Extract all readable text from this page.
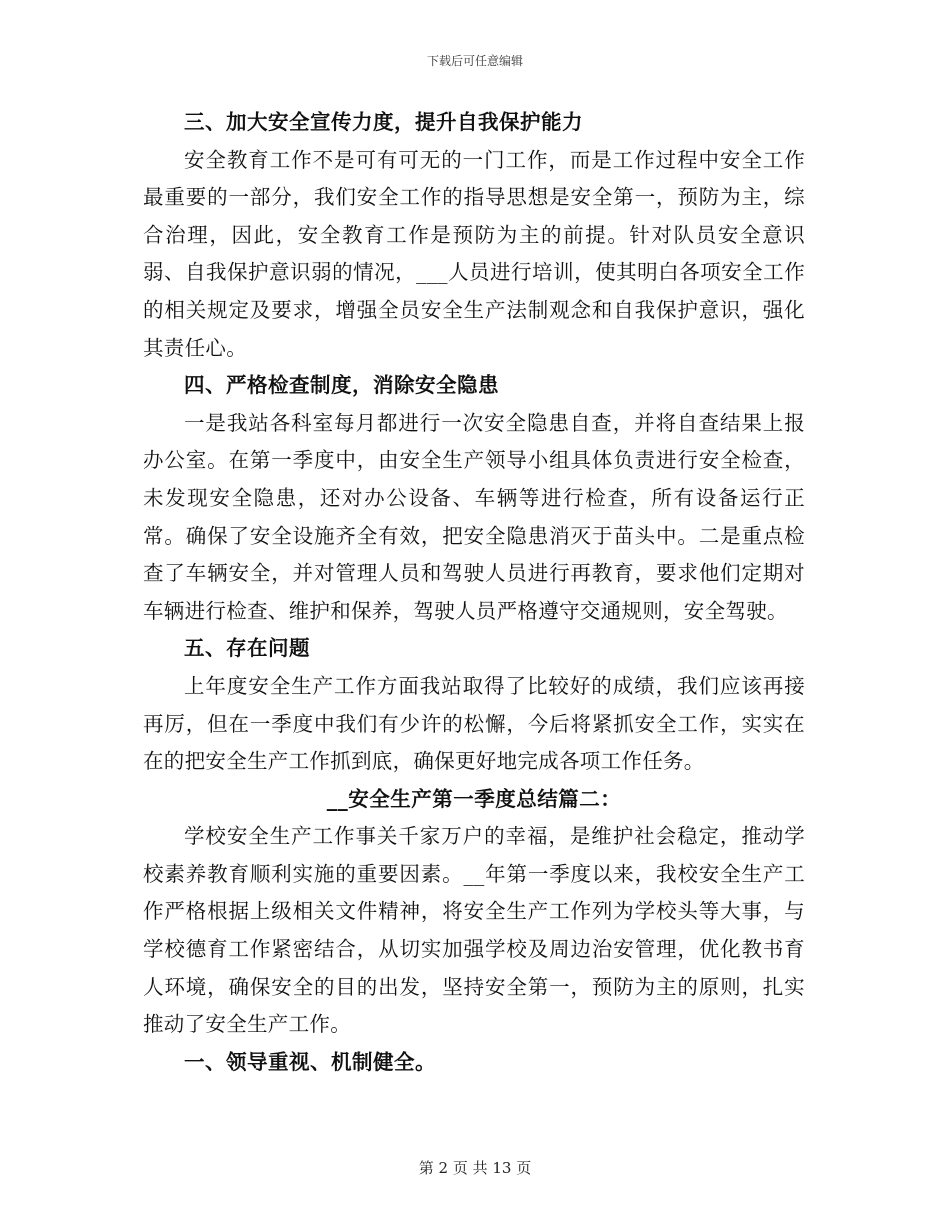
下载后可任意编辑
三、加大安全宣传力度，提升自我保护能力

安全教育工作不是可有可无的一门工作，而是工作过程中安全工作最重要的一部分，我们安全工作的指导思想是安全第一，预防为主，综合治理，因此，安全教育工作是预防为主的前提。针对队员安全意识弱、自我保护意识弱的情况，___人员进行培训，使其明白各项安全工作的相关规定及要求，增强全员安全生产法制观念和自我保护意识，强化其责任心。

四、严格检查制度，消除安全隐患

一是我站各科室每月都进行一次安全隐患自查，并将自查结果上报办公室。在第一季度中，由安全生产领导小组具体负责进行安全检查，未发现安全隐患，还对办公设备、车辆等进行检查，所有设备运行正常。确保了安全设施齐全有效，把安全隐患消灭于苗头中。二是重点检查了车辆安全，并对管理人员和驾驶人员进行再教育，要求他们定期对车辆进行检查、维护和保养，驾驶人员严格遵守交通规则，安全驾驶。

五、存在问题

上年度安全生产工作方面我站取得了比较好的成绩，我们应该再接再厉，但在一季度中我们有少许的松懈，今后将紧抓安全工作，实实在在的把安全生产工作抓到底，确保更好地完成各项工作任务。

__安全生产第一季度总结篇二：

学校安全生产工作事关千家万户的幸福，是维护社会稳定，推动学校素养教育顺利实施的重要因素。__年第一季度以来，我校安全生产工作严格根据上级相关文件精神，将安全生产工作列为学校头等大事，与学校德育工作紧密结合，从切实加强学校及周边治安管理，优化教书育人环境，确保安全的目的出发，坚持安全第一，预防为主的原则，扎实推动了安全生产工作。

一、领导重视、机制健全。
第 2 页 共 13 页
